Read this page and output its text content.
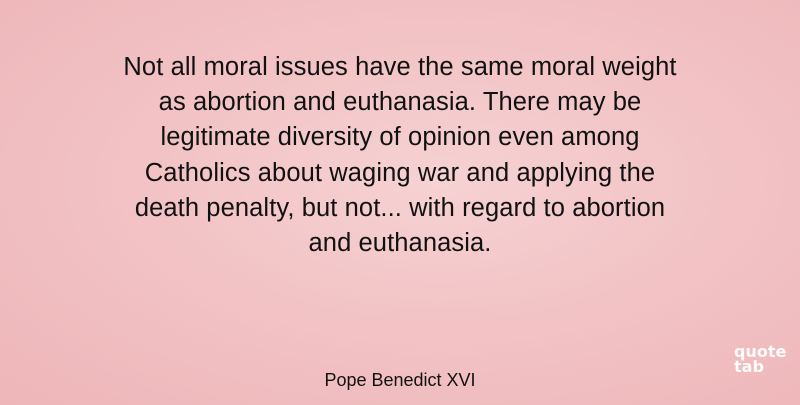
Not all moral issues have the same moral weight
as abortion and euthanasia. There may be
legitimate diversity of opinion even among
Catholics about waging war and applying the
death penalty, but not... with regard to abortion
and euthanasia.

Pope Benedict XVI
quote
tab
